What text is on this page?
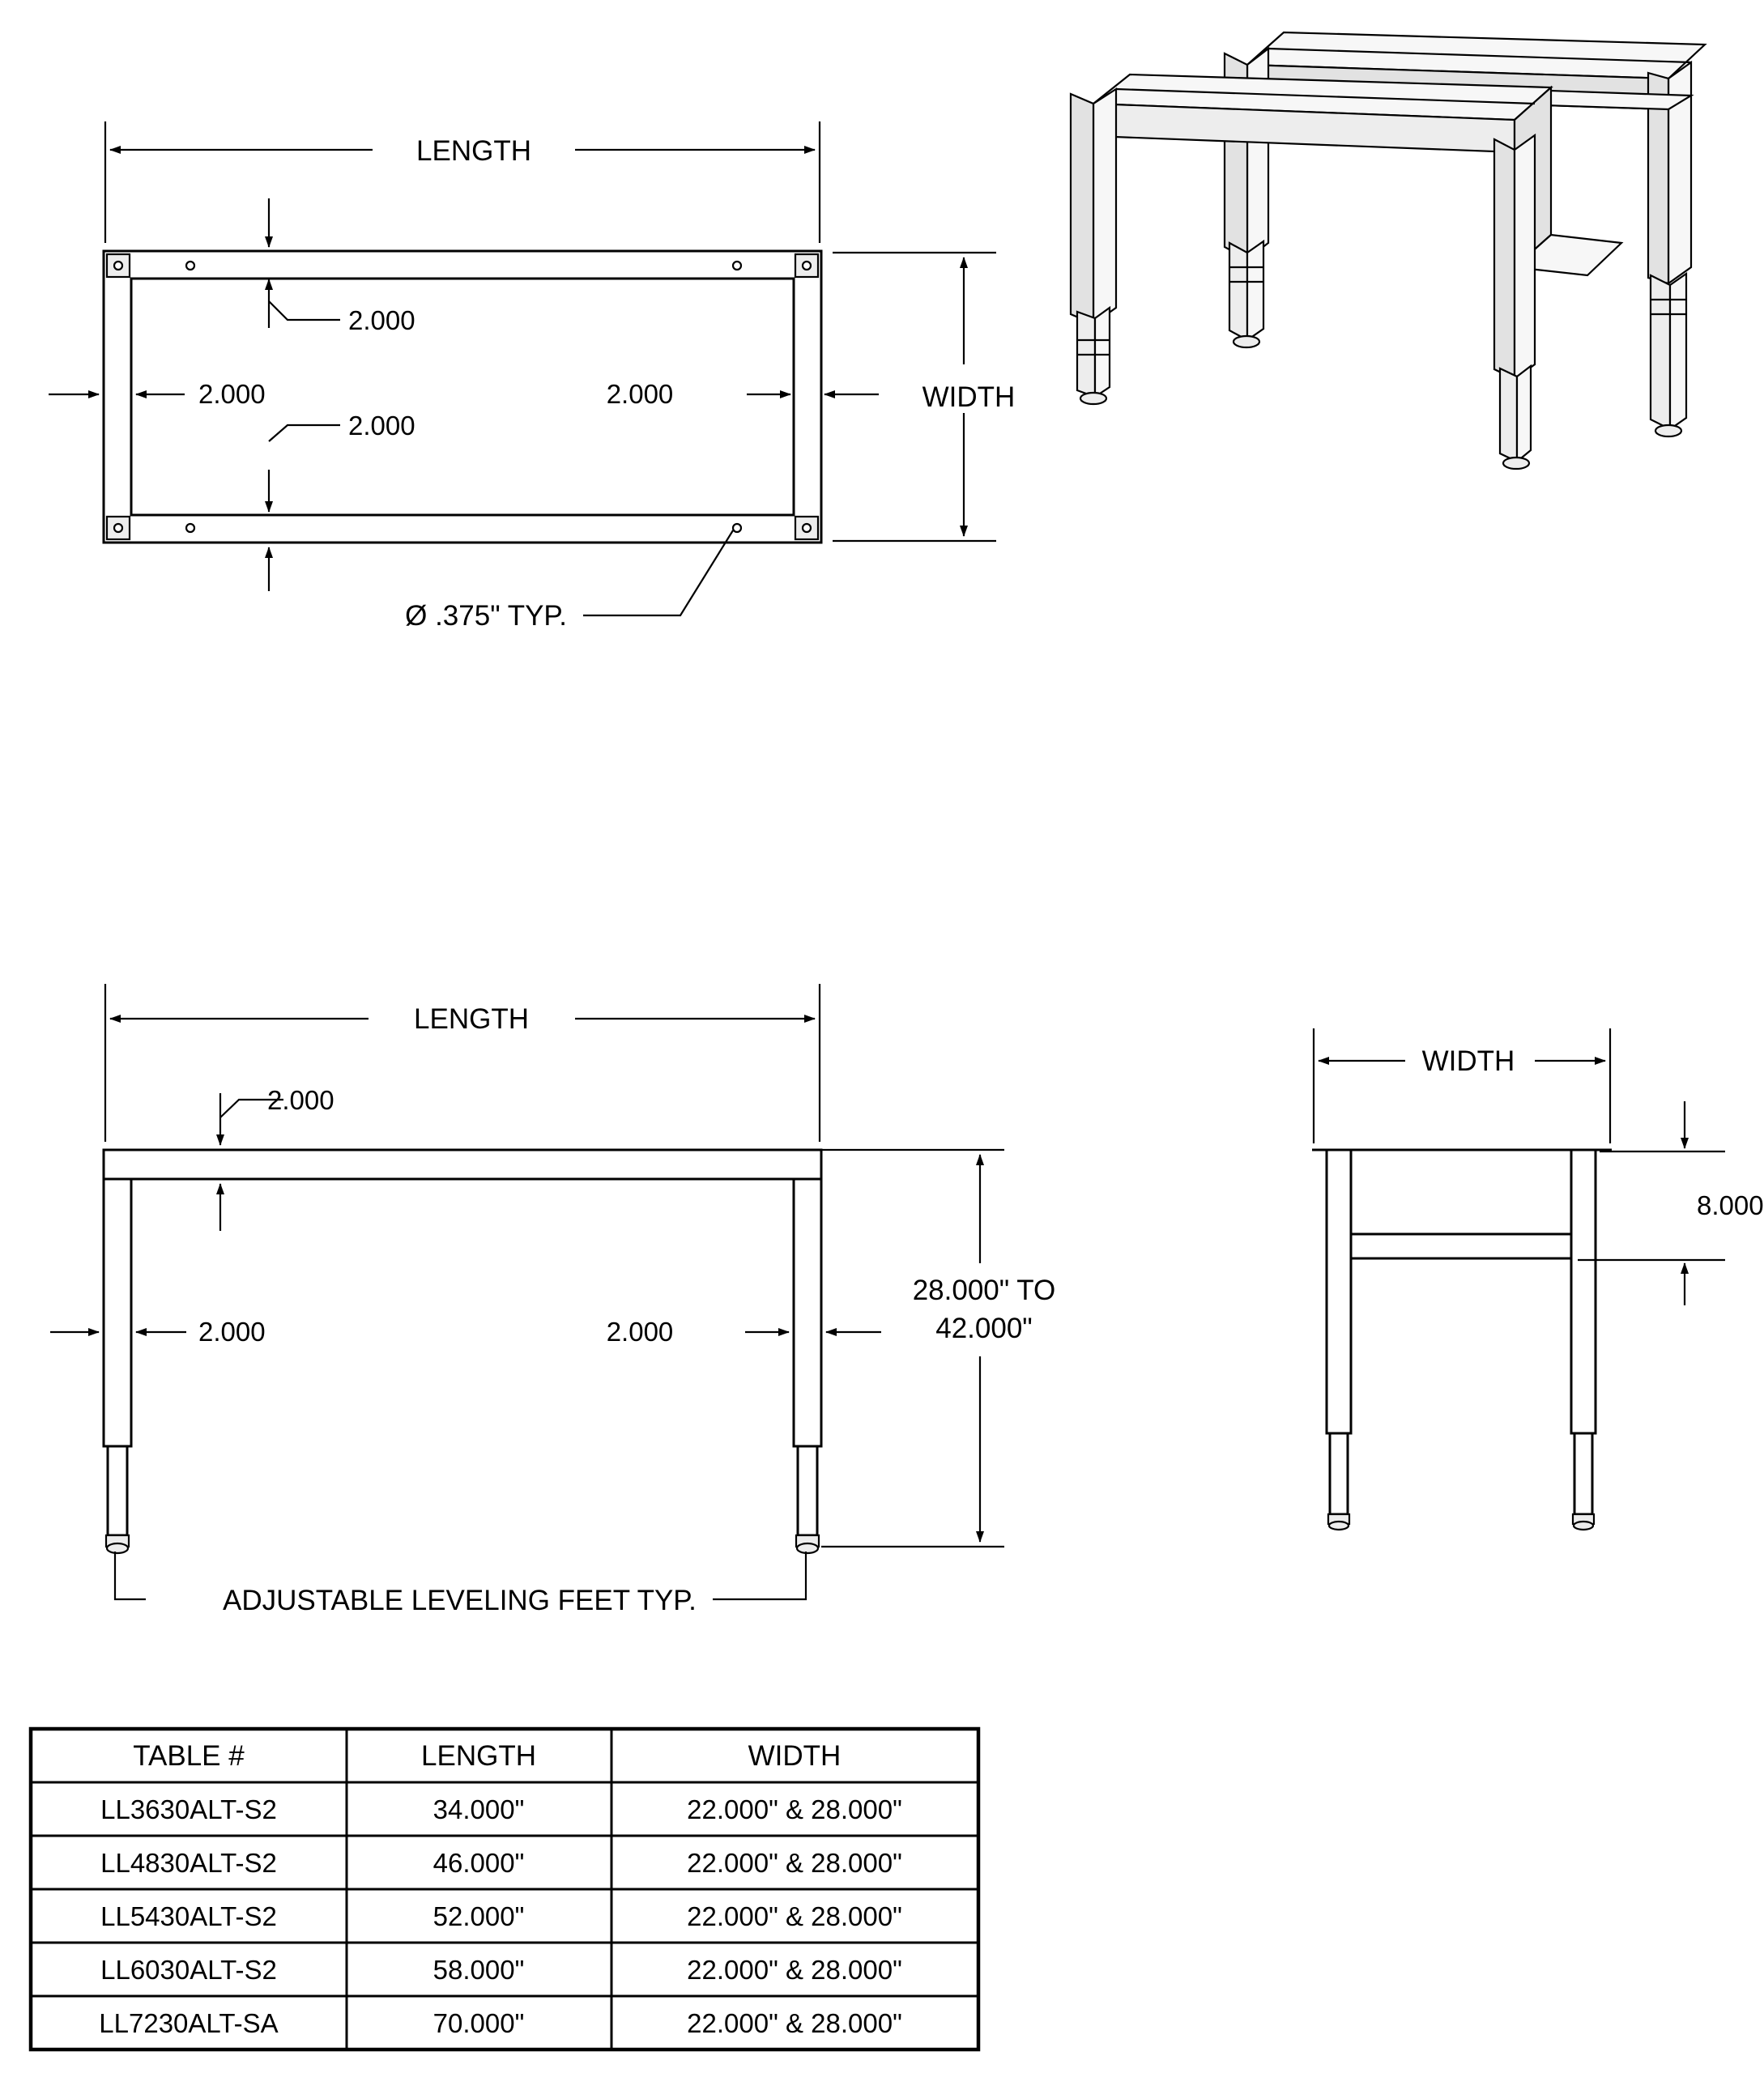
LENGTH
WIDTH
2.000
2.000	2.000
2.000
Ø .375" TYP.
LENGTH
2.000
2.000	2.000
28.000" TO
42.000"
ADJUSTABLE LEVELING FEET TYP.
WIDTH
8.000
TABLE #	LENGTH	WIDTH
LL3630ALT-S2	34.000"	22.000" & 28.000"
LL4830ALT-S2	46.000"	22.000" & 28.000"
LL5430ALT-S2	52.000"	22.000" & 28.000"
LL6030ALT-S2	58.000"	22.000" & 28.000"
LL7230ALT-SA	70.000"	22.000" & 28.000"
